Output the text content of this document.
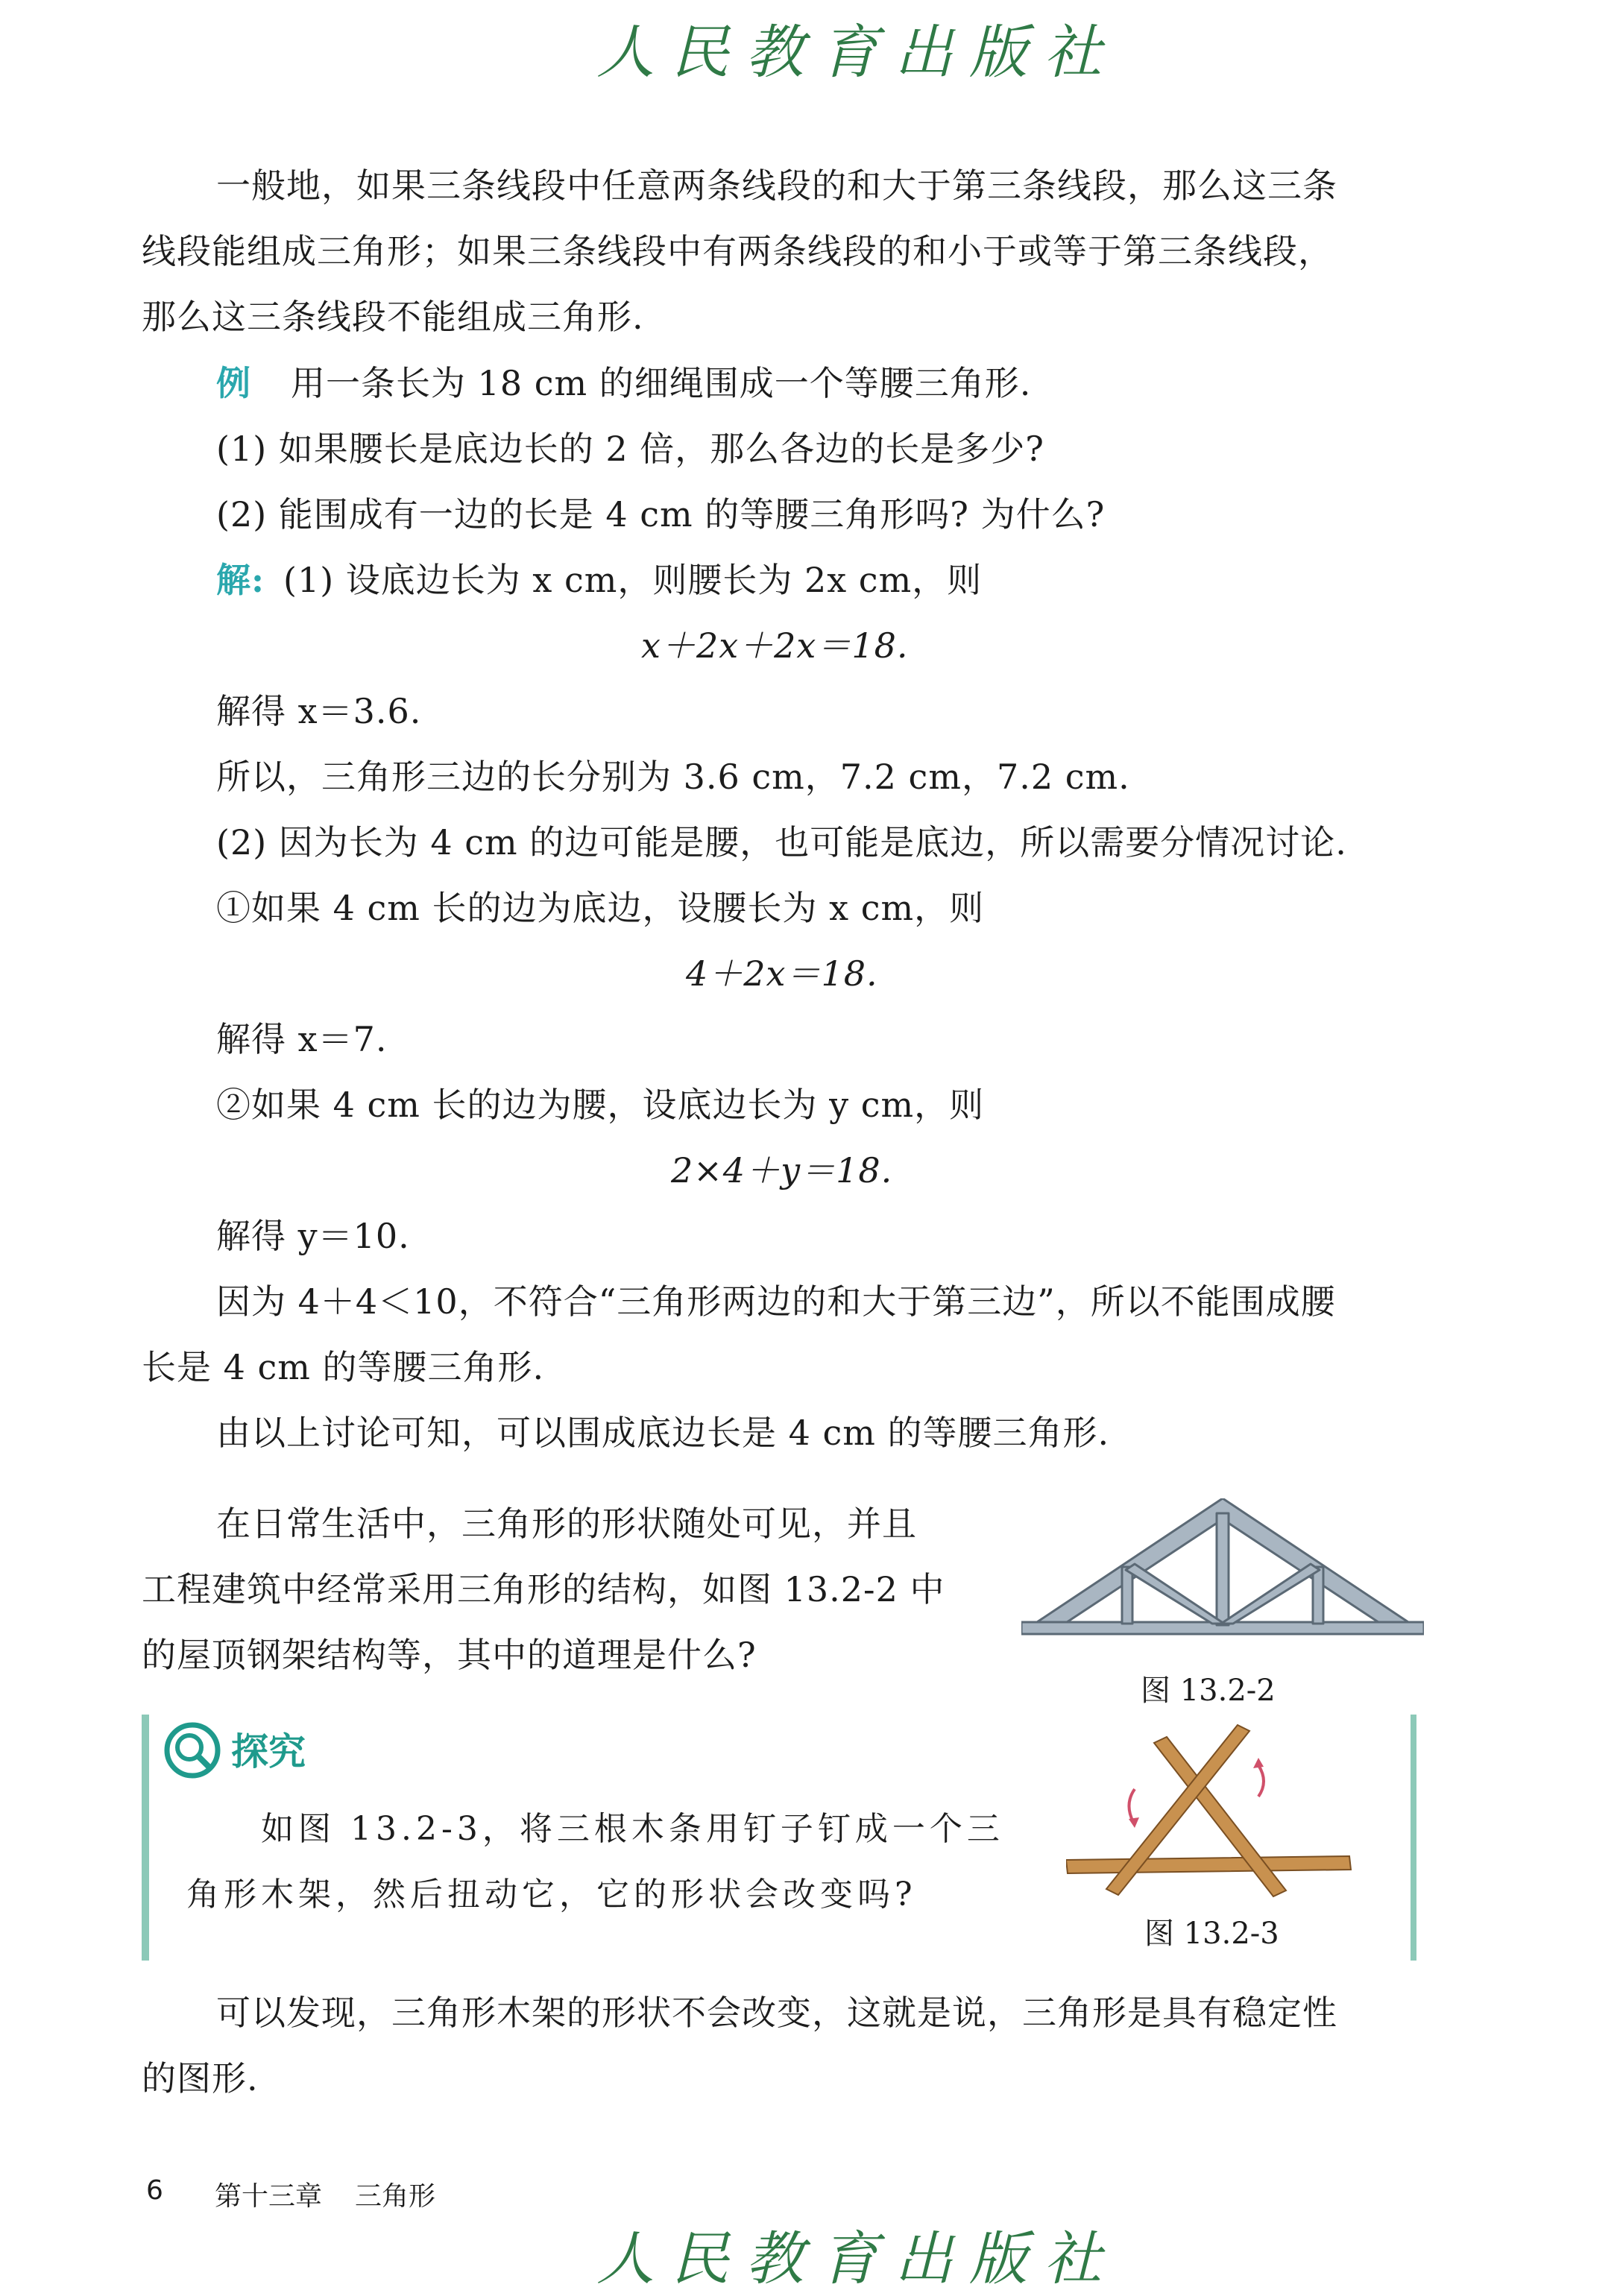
人民教育出版社
一般地，如果三条线段中任意两条线段的和大于第三条线段，那么这三条
线段能组成三角形；如果三条线段中有两条线段的和小于或等于第三条线段，
那么这三条线段不能组成三角形.
例 用一条长为 18 cm 的细绳围成一个等腰三角形.
(1) 如果腰长是底边长的 2 倍，那么各边的长是多少?
(2) 能围成有一边的长是 4 cm 的等腰三角形吗? 为什么?
解: (1) 设底边长为 x cm，则腰长为 2x cm，则
x＋2x＋2x＝18.
解得 x＝3.6.
所以，三角形三边的长分别为 3.6 cm，7.2 cm，7.2 cm.
(2) 因为长为 4 cm 的边可能是腰，也可能是底边，所以需要分情况讨论.
①如果 4 cm 长的边为底边，设腰长为 x cm，则
4＋2x＝18.
解得 x＝7.
②如果 4 cm 长的边为腰，设底边长为 y cm，则
2×4＋y＝18.
解得 y＝10.
因为 4＋4＜10，不符合“三角形两边的和大于第三边”，所以不能围成腰
长是 4 cm 的等腰三角形.
由以上讨论可知，可以围成底边长是 4 cm 的等腰三角形.
在日常生活中，三角形的形状随处可见，并且
工程建筑中经常采用三角形的结构，如图 13.2-2 中
的屋顶钢架结构等，其中的道理是什么?
图 13.2-2
探究
如图 13.2-3，将三根木条用钉子钉成一个三
角形木架，然后扭动它，它的形状会改变吗?
图 13.2-3
可以发现，三角形木架的形状不会改变，这就是说，三角形是具有稳定性
的图形.
6 第十三章 三角形
人民教育出版社
